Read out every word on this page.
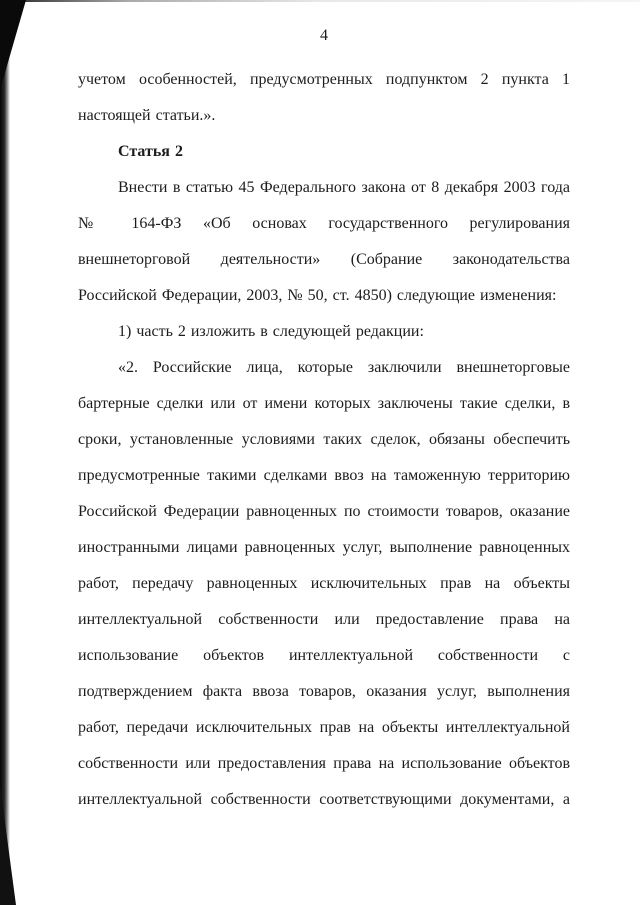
4

учетом особенностей, предусмотренных подпунктом 2 пункта 1 настоящей статьи.».

Статья 2

Внести в статью 45 Федерального закона от 8 декабря 2003 года № 164-ФЗ «Об основах государственного регулирования внешнеторговой деятельности» (Собрание законодательства Российской Федерации, 2003, № 50, ст. 4850) следующие изменения:

1) часть 2 изложить в следующей редакции:

«2. Российские лица, которые заключили внешнеторговые бартерные сделки или от имени которых заключены такие сделки, в сроки, установленные условиями таких сделок, обязаны обеспечить предусмотренные такими сделками ввоз на таможенную территорию Российской Федерации равноценных по стоимости товаров, оказание иностранными лицами равноценных услуг, выполнение равноценных работ, передачу равноценных исключительных прав на объекты интеллектуальной собственности или предоставление права на использование объектов интеллектуальной собственности с подтверждением факта ввоза товаров, оказания услуг, выполнения работ, передачи исключительных прав на объекты интеллектуальной собственности или предоставления права на использование объектов интеллектуальной собственности соответствующими документами, а
